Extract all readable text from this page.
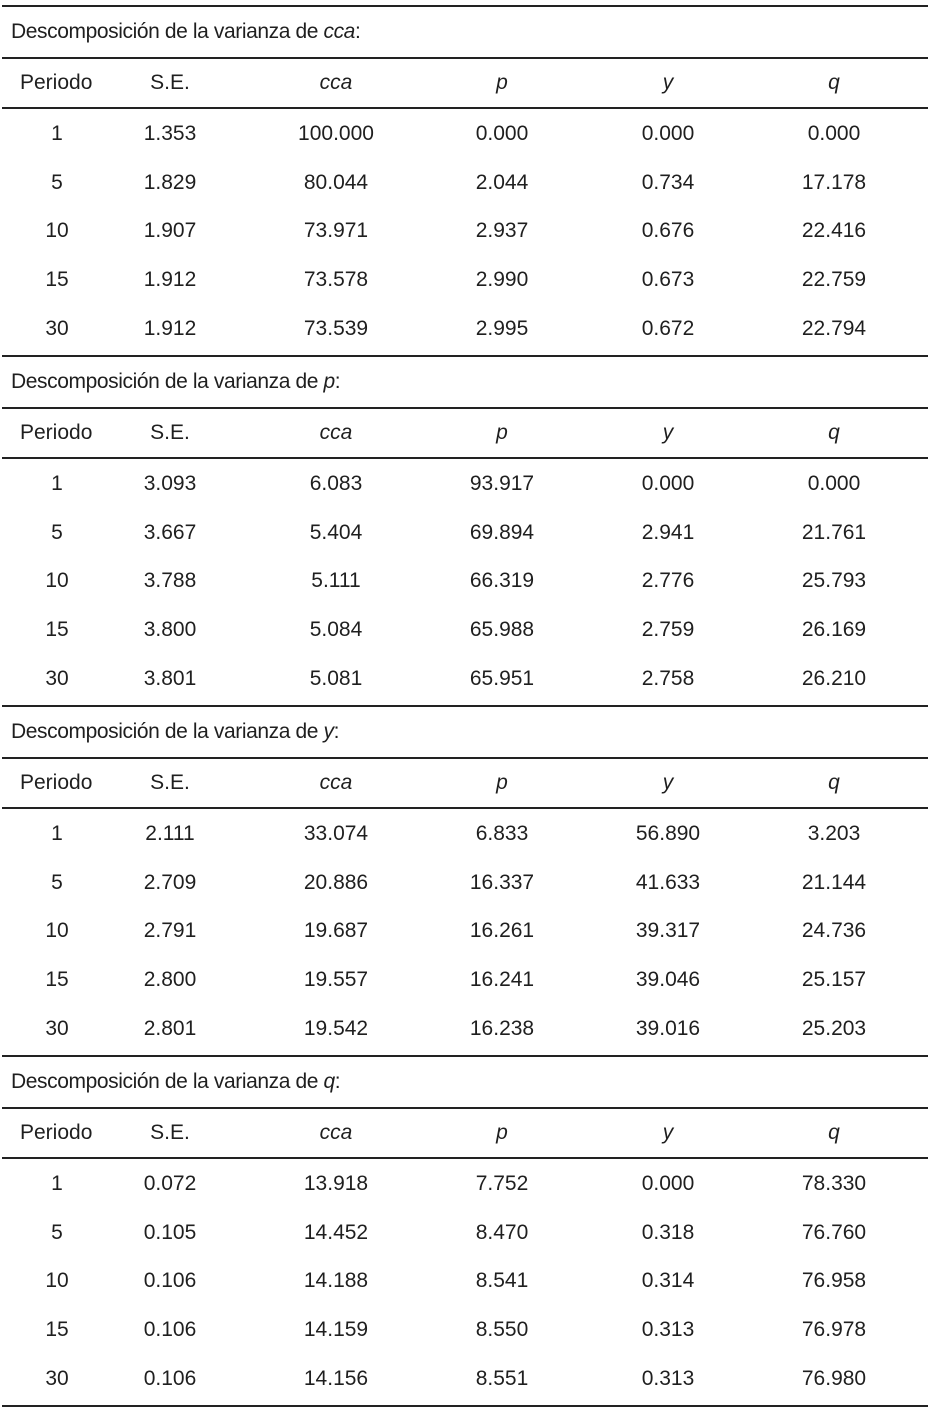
Descomposición de la varianza de cca:
Periodo	S.E.	cca	p	y	q
1	1.353	100.000	0.000	0.000	0.000
5	1.829	80.044	2.044	0.734	17.178
10	1.907	73.971	2.937	0.676	22.416
15	1.912	73.578	2.990	0.673	22.759
30	1.912	73.539	2.995	0.672	22.794
Descomposición de la varianza de p:
Periodo	S.E.	cca	p	y	q
1	3.093	6.083	93.917	0.000	0.000
5	3.667	5.404	69.894	2.941	21.761
10	3.788	5.111	66.319	2.776	25.793
15	3.800	5.084	65.988	2.759	26.169
30	3.801	5.081	65.951	2.758	26.210
Descomposición de la varianza de y:
Periodo	S.E.	cca	p	y	q
1	2.111	33.074	6.833	56.890	3.203
5	2.709	20.886	16.337	41.633	21.144
10	2.791	19.687	16.261	39.317	24.736
15	2.800	19.557	16.241	39.046	25.157
30	2.801	19.542	16.238	39.016	25.203
Descomposición de la varianza de q:
Periodo	S.E.	cca	p	y	q
1	0.072	13.918	7.752	0.000	78.330
5	0.105	14.452	8.470	0.318	76.760
10	0.106	14.188	8.541	0.314	76.958
15	0.106	14.159	8.550	0.313	76.978
30	0.106	14.156	8.551	0.313	76.980
